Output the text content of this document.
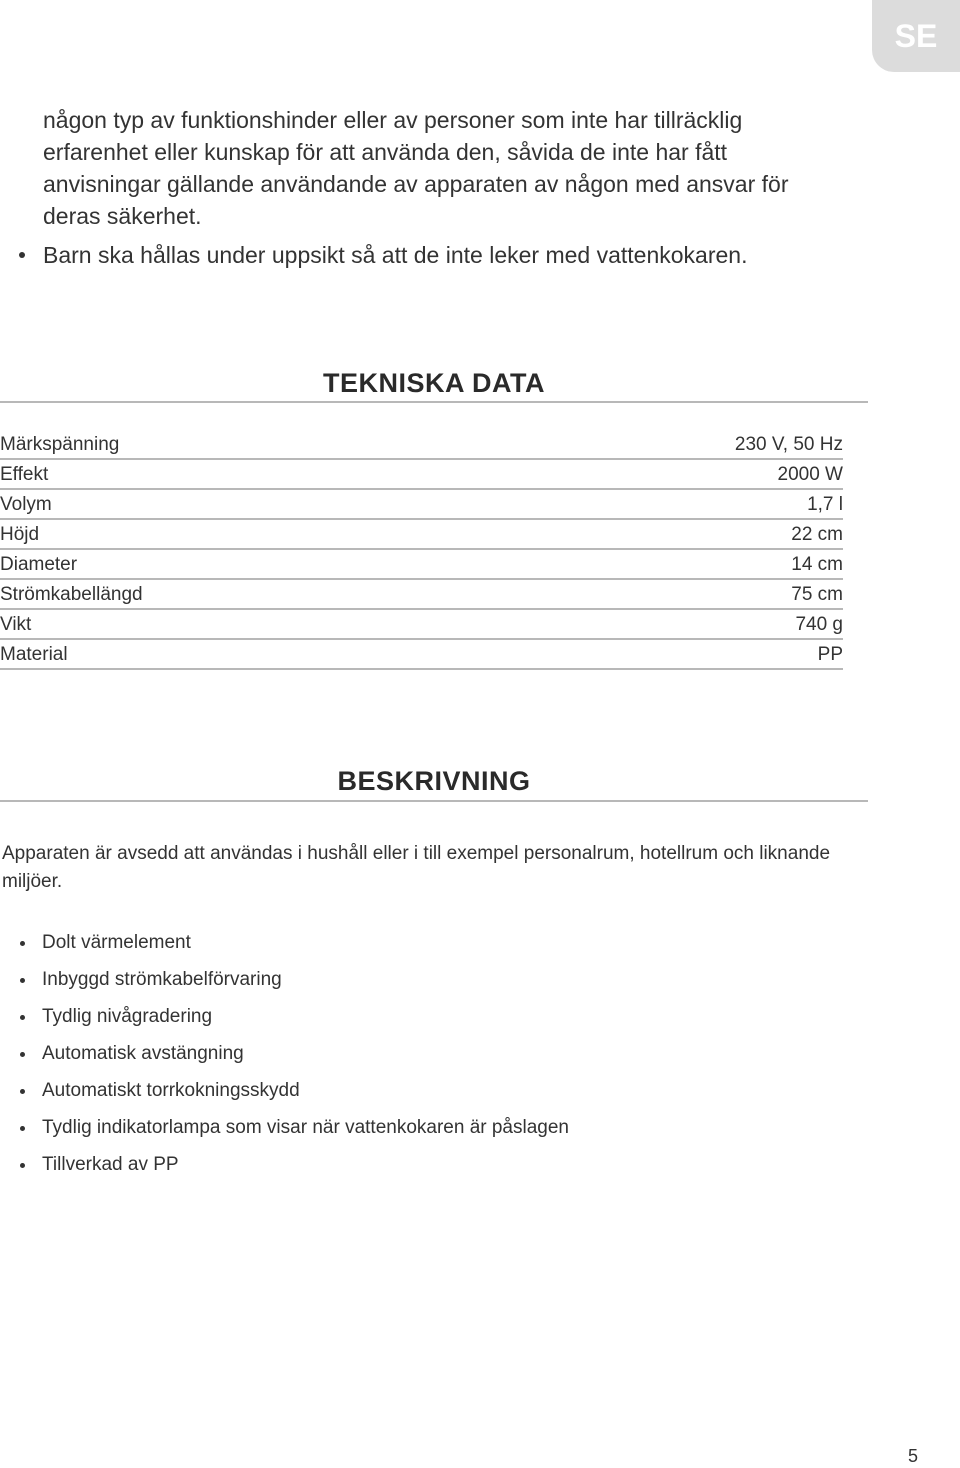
SE

någon typ av funktionshinder eller av personer som inte har tillräcklig erfarenhet eller kunskap för att använda den, såvida de inte har fått anvisningar gällande användande av apparaten av någon med ansvar för deras säkerhet.

Barn ska hållas under uppsikt så att de inte leker med vattenkokaren.
TEKNISKA DATA
Märkspänning	230 V, 50 Hz
Effekt	2000 W
Volym	1,7 l
Höjd	22 cm
Diameter	14 cm
Strömkabellängd	75 cm
Vikt	740 g
Material	PP
BESKRIVNING

Apparaten är avsedd att användas i hushåll eller i till exempel personalrum, hotellrum och liknande miljöer.

Dolt värmelement
Inbyggd strömkabelförvaring
Tydlig nivågradering
Automatisk avstängning
Automatiskt torrkokningsskydd
Tydlig indikatorlampa som visar när vattenkokaren är påslagen
Tillverkad av PP
5
